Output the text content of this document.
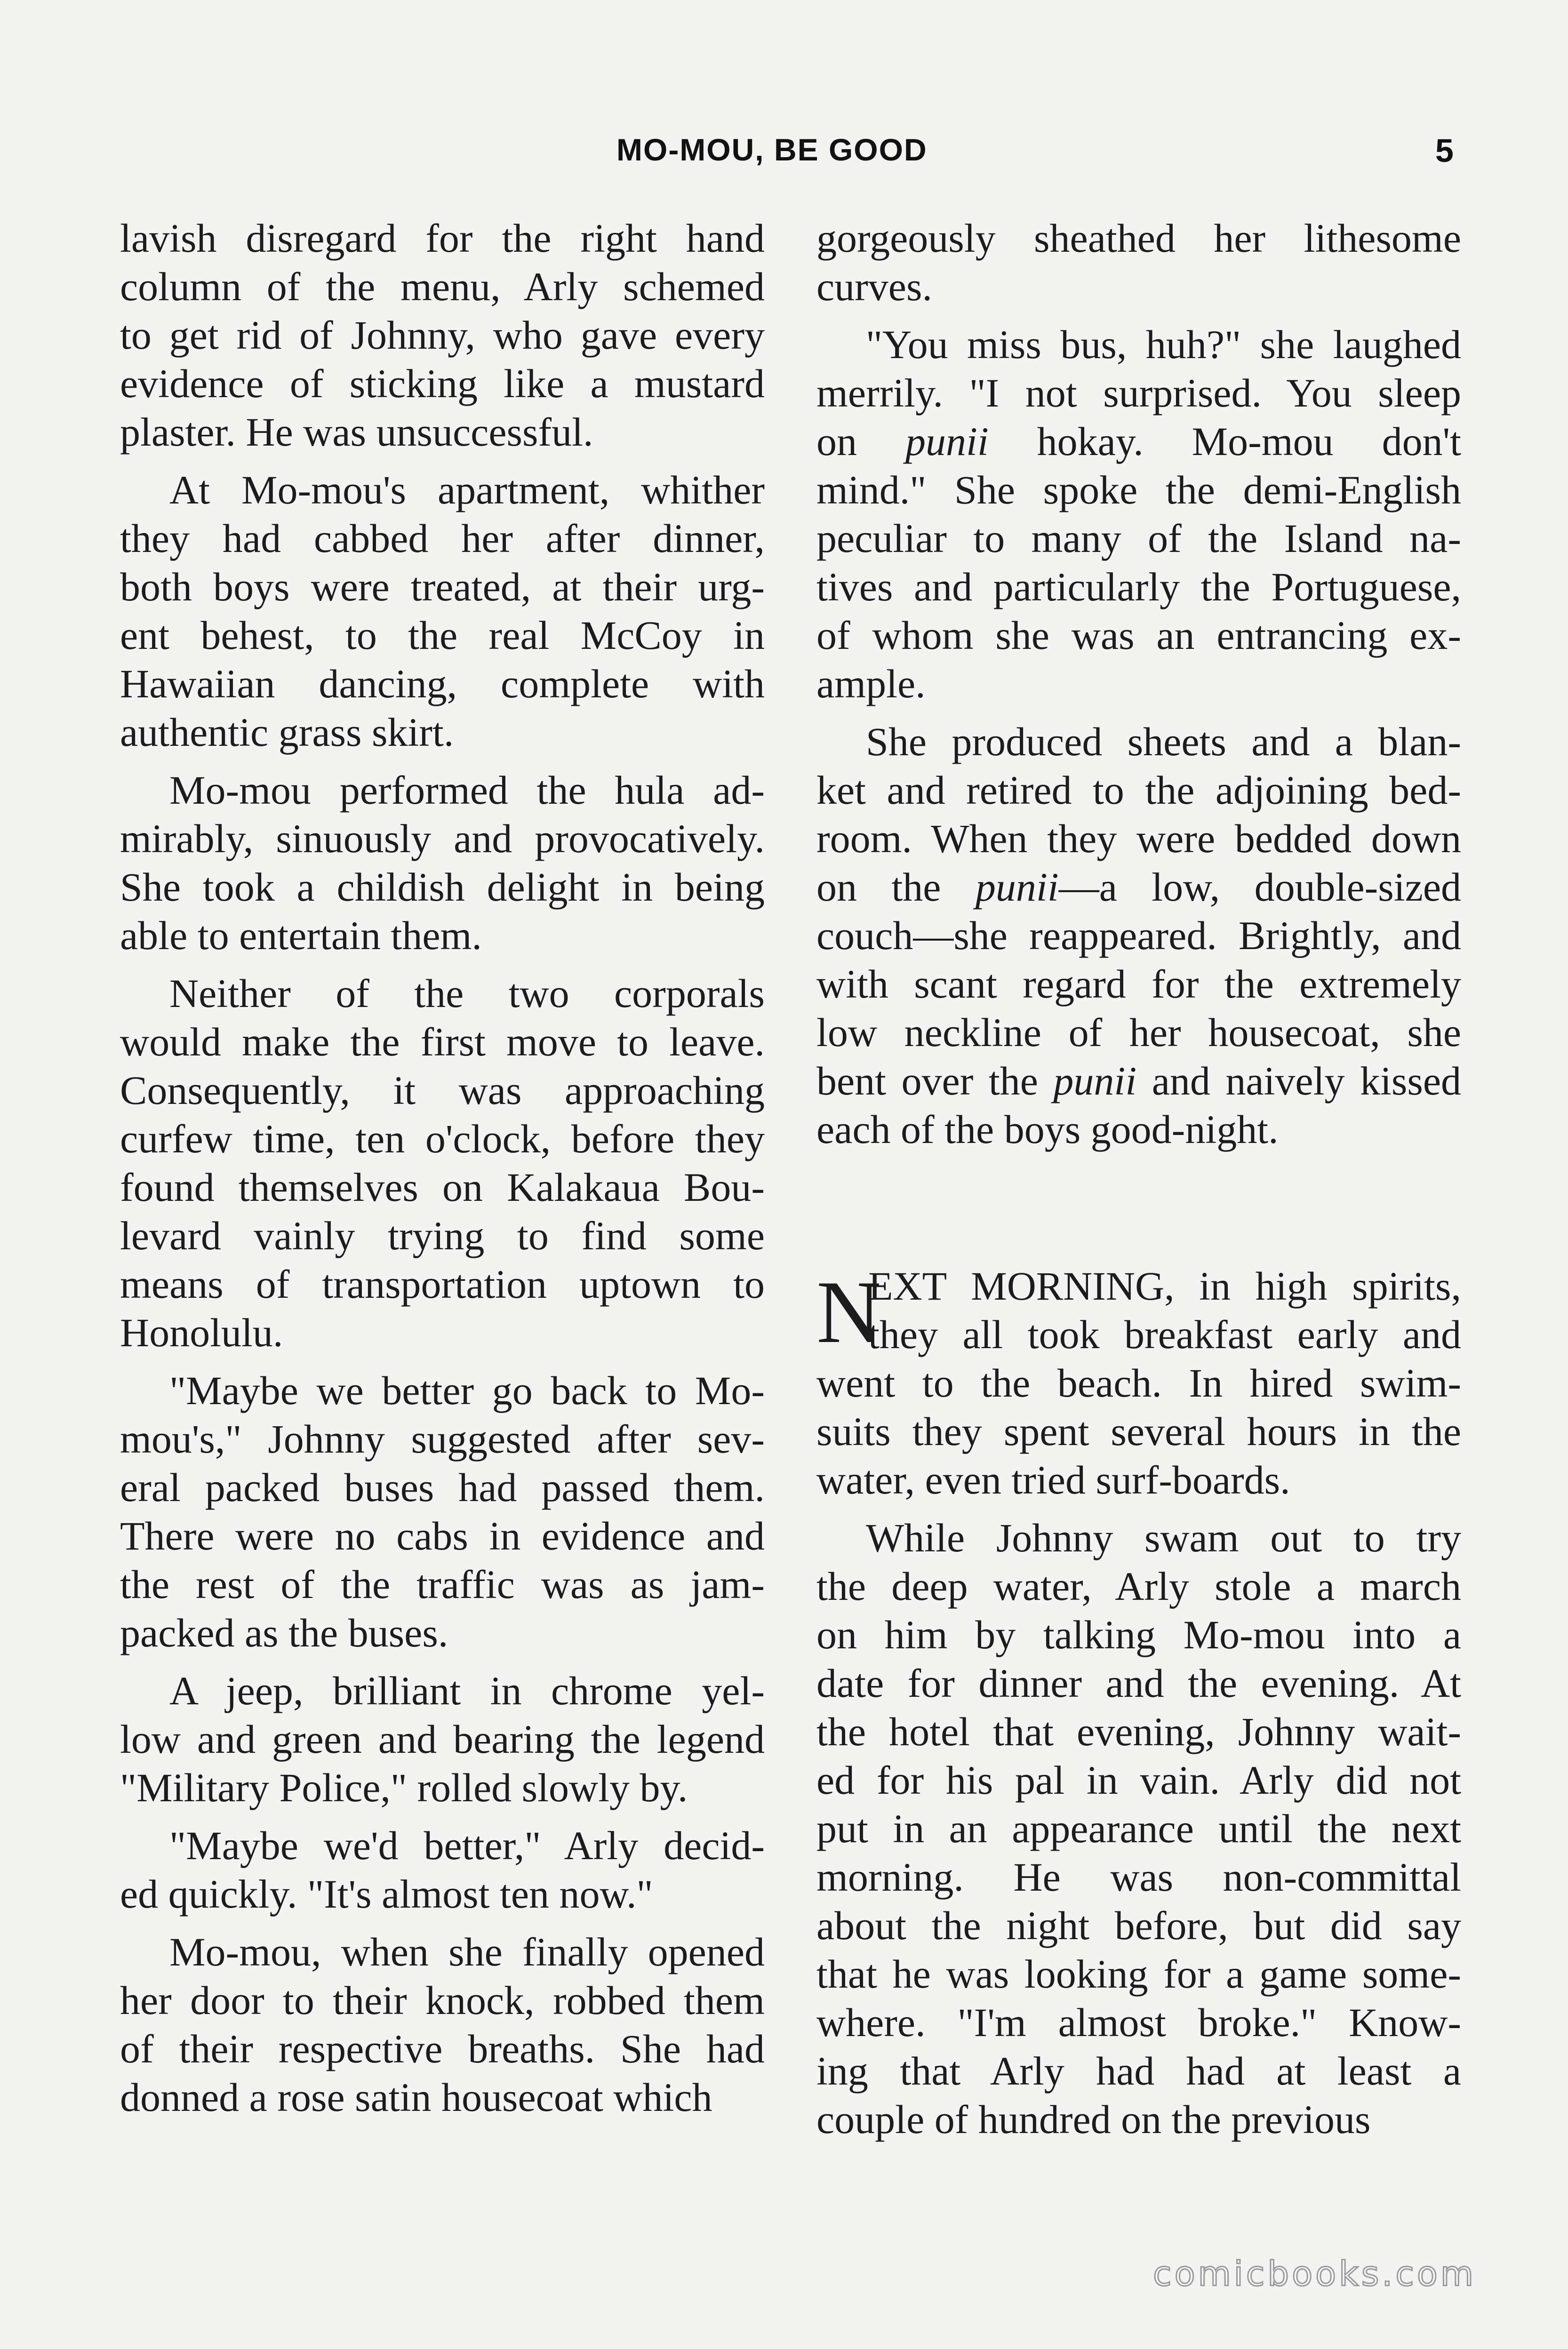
MO-MOU, BE GOOD	5
lavish disregard for the right hand
column of the menu, Arly schemed
to get rid of Johnny, who gave every
evidence of sticking like a mustard
plaster. He was unsuccessful.
At Mo-mou's apartment, whither
they had cabbed her after dinner,
both boys were treated, at their urg-
ent behest, to the real McCoy in
Hawaiian dancing, complete with
authentic grass skirt.
Mo-mou performed the hula ad-
mirably, sinuously and provocatively.
She took a childish delight in being
able to entertain them.
Neither of the two corporals
would make the first move to leave.
Consequently, it was approaching
curfew time, ten o'clock, before they
found themselves on Kalakaua Bou-
levard vainly trying to find some
means of transportation uptown to
Honolulu.
"Maybe we better go back to Mo-
mou's," Johnny suggested after sev-
eral packed buses had passed them.
There were no cabs in evidence and
the rest of the traffic was as jam-
packed as the buses.
A jeep, brilliant in chrome yel-
low and green and bearing the legend
"Military Police," rolled slowly by.
"Maybe we'd better," Arly decid-
ed quickly. "It's almost ten now."
Mo-mou, when she finally opened
her door to their knock, robbed them
of their respective breaths. She had
donned a rose satin housecoat which
gorgeously sheathed her lithesome
curves.
"You miss bus, huh?" she laughed
merrily. "I not surprised. You sleep
on punii hokay. Mo-mou don't
mind." She spoke the demi-English
peculiar to many of the Island na-
tives and particularly the Portuguese,
of whom she was an entrancing ex-
ample.
She produced sheets and a blan-
ket and retired to the adjoining bed-
room. When they were bedded down
on the punii—a low, double-sized
couch—she reappeared. Brightly, and
with scant regard for the extremely
low neckline of her housecoat, she
bent over the punii and naively kissed
each of the boys good-night.
N
EXT MORNING, in high spirits,
they all took breakfast early and
went to the beach. In hired swim-
suits they spent several hours in the
water, even tried surf-boards.
While Johnny swam out to try
the deep water, Arly stole a march
on him by talking Mo-mou into a
date for dinner and the evening. At
the hotel that evening, Johnny wait-
ed for his pal in vain. Arly did not
put in an appearance until the next
morning. He was non-committal
about the night before, but did say
that he was looking for a game some-
where. "I'm almost broke." Know-
ing that Arly had had at least a
couple of hundred on the previous
comicbooks.com
